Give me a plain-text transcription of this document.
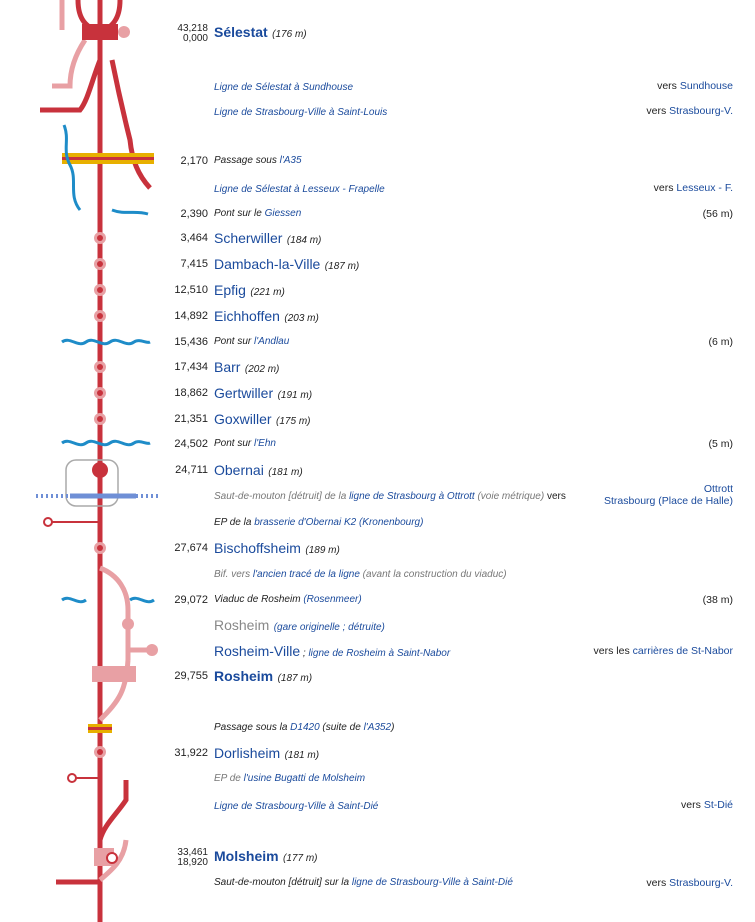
43,218
0,000 Sélestat (176 m)
Ligne de Sélestat à Sundhouse	vers Sundhouse
Ligne de Strasbourg-Ville à Saint-Louis	vers Strasbourg-V.
2,170 Passage sous l'A35
Ligne de Sélestat à Lesseux - Frapelle	vers Lesseux - F.
2,390 Pont sur le Giessen	(56 m)
3,464 Scherwiller (184 m)
7,415 Dambach-la-Ville (187 m)
12,510 Epfig (221 m)
14,892 Eichhoffen (203 m)
15,436 Pont sur l'Andlau	(6 m)
17,434 Barr (202 m)
18,862 Gertwiller (191 m)
21,351 Goxwiller (175 m)
24,502 Pont sur l'Ehn	(5 m)
24,711 Obernai (181 m)
Saut-de-mouton [détruit] de la ligne de Strasbourg à Ottrott (voie métrique) vers
Ottrott
Strasbourg (Place de Halle)
EP de la brasserie d'Obernai K2 (Kronenbourg)
27,674 Bischoffsheim (189 m)
Bif. vers l'ancien tracé de la ligne (avant la construction du viaduc)
29,072 Viaduc de Rosheim (Rosenmeer)	(38 m)
Rosheim (gare originelle ; détruite)
Rosheim-Ville ; ligne de Rosheim à Saint-Nabor	vers les carrières de St-Nabor
29,755 Rosheim (187 m)
Passage sous la D1420 (suite de l'A352)
31,922 Dorlisheim (181 m)
EP de l'usine Bugatti de Molsheim
Ligne de Strasbourg-Ville à Saint-Dié	vers St-Dié
33,461
18,920 Molsheim (177 m)
Saut-de-mouton [détruit] sur la ligne de Strasbourg-Ville à Saint-Dié	vers Strasbourg-V.
